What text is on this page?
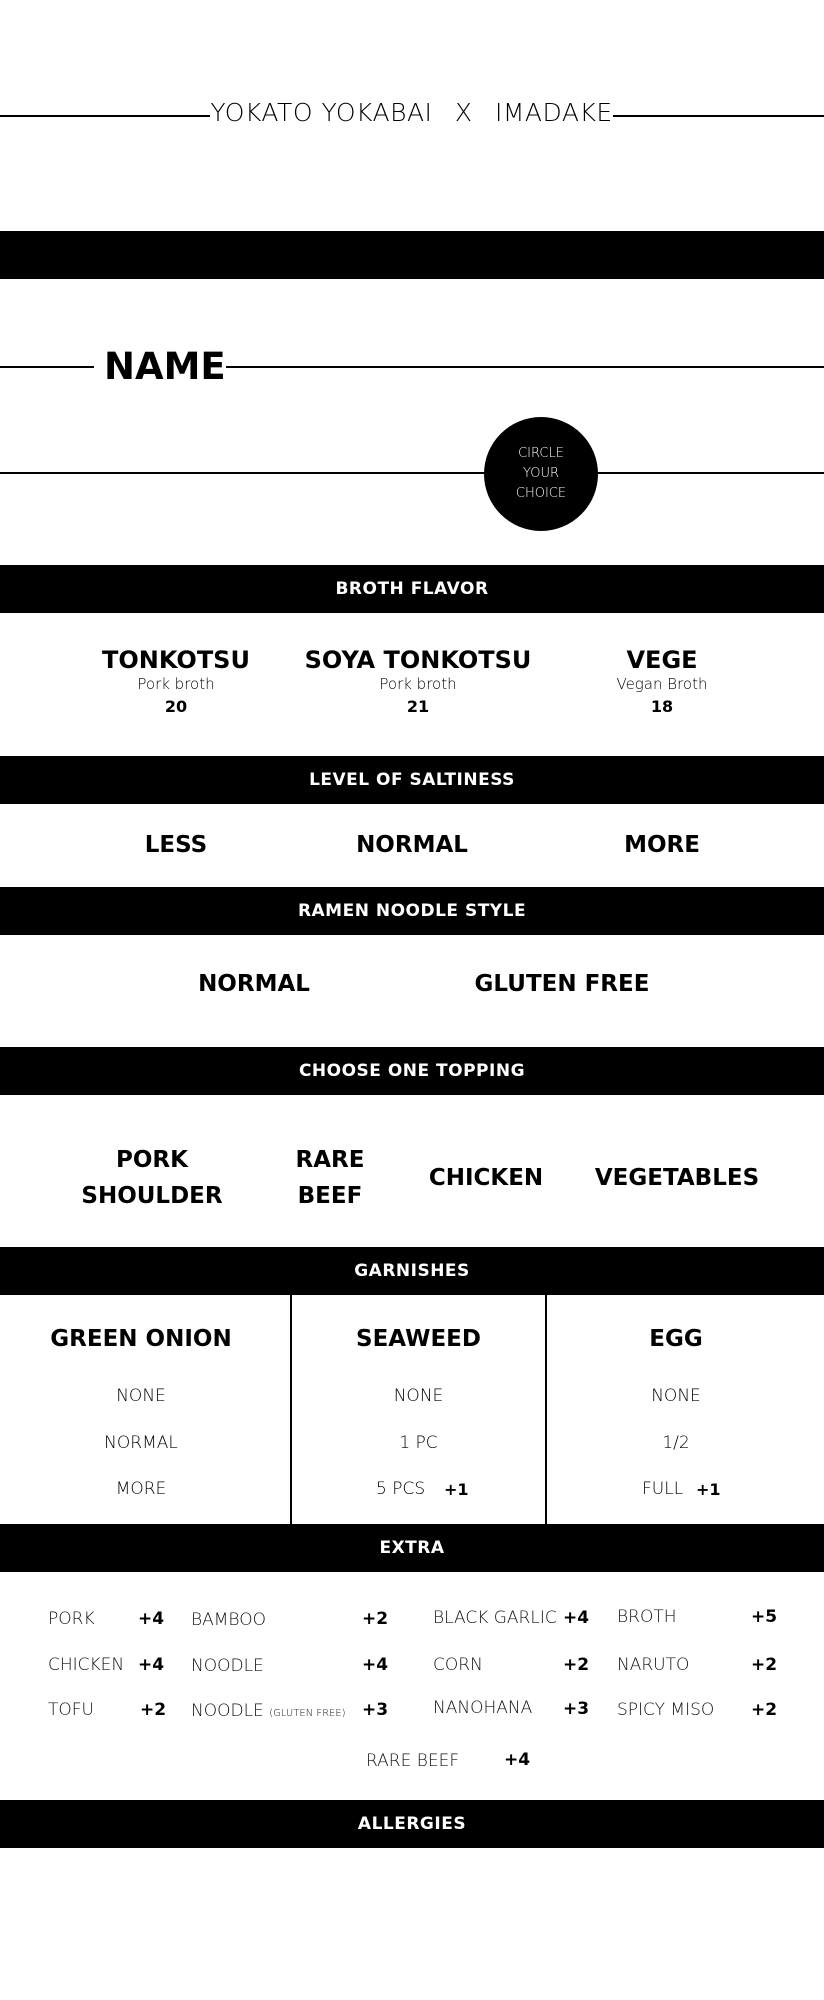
YOKATO YOKABAI X IMADAKE
NAME
CIRCLE
YOUR
CHOICE
BROTH FLAVOR
TONKOTSU
Pork broth
20
SOYA TONKOTSU
Pork broth
21
VEGE
Vegan Broth
18
LEVEL OF SALTINESS
LESS	NORMAL	MORE
RAMEN NOODLE STYLE
NORMAL	GLUTEN FREE
CHOOSE ONE TOPPING
PORK
SHOULDER
RARE
BEEF
CHICKEN	VEGETABLES
GARNISHES
GREEN ONION
NONE
NORMAL
MORE
SEAWEED
NONE
1 PC
5 PCS +1
EGG
NONE
1/2
FULL +1
EXTRA
PORK	+4
CHICKEN +4
TOFU	+2
BAMBOO	+2
NOODLE	+4
NOODLE (GLUTEN FREE) +3
BLACK GARLIC +4
CORN	+2
NANOHANA +3
BROTH	+5
NARUTO	+2
SPICY MISO +2
RARE BEEF	+4
ALLERGIES
